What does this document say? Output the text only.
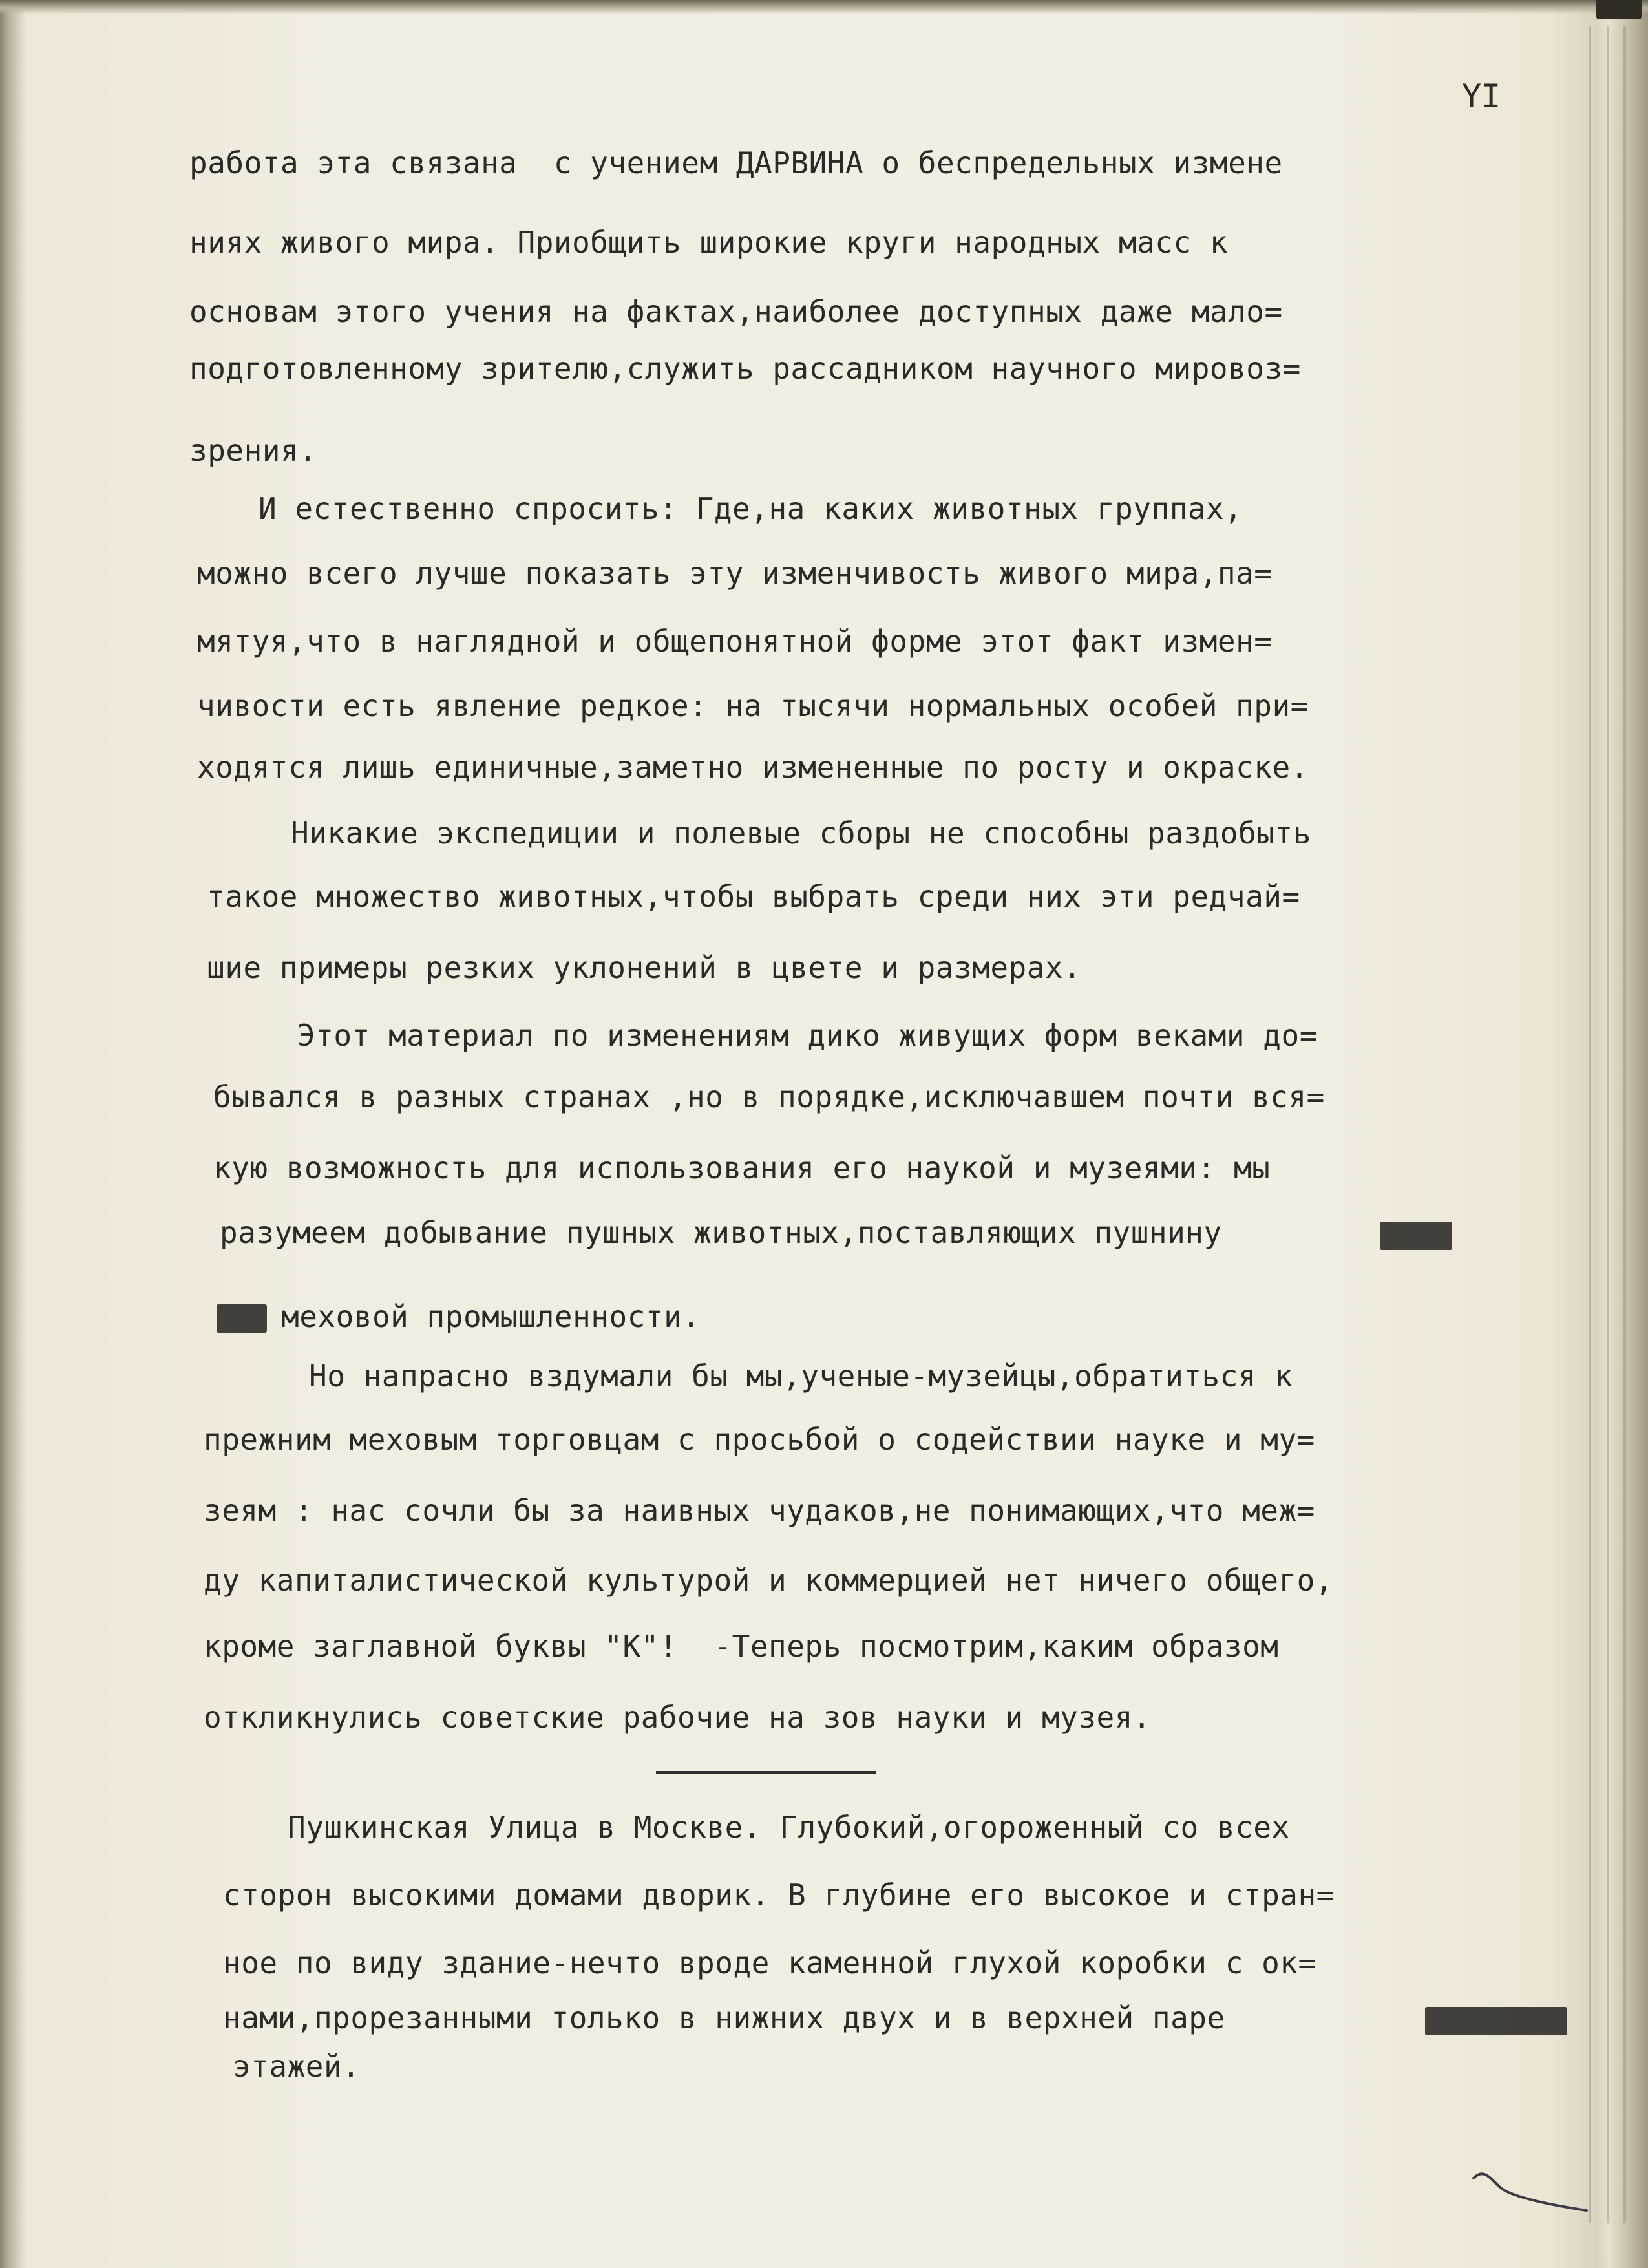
YI
работа эта связана  с учением ДАРВИНА о беспредельных измене
ниях живого мира. Приобщить широкие круги народных масс к
основам этого учения на фактах,наиболее доступных даже мало=
подготовленному зрителю,служить рассадником научного мировоз=
зрения.
И естественно спросить: Где,на каких животных группах,
можно всего лучше показать эту изменчивость живого мира,па=
мятуя,что в наглядной и общепонятной форме этот факт измен=
чивости есть явление редкое: на тысячи нормальных особей при=
ходятся лишь единичные,заметно измененные по росту и окраске.
Никакие экспедиции и полевые сборы не способны раздобыть
такое множество животных,чтобы выбрать среди них эти редчай=
шие примеры резких уклонений в цвете и размерах.
Этот материал по изменениям дико живущих форм веками до=
бывался в разных странах ,но в порядке,исключавшем почти вся=
кую возможность для использования его наукой и музеями: мы
разумеем добывание пушных животных,поставляющих пушнину
меховой промышленности.
Но напрасно вздумали бы мы,ученые-музейцы,обратиться к
прежним меховым торговцам с просьбой о содействии науке и му=
зеям : нас сочли бы за наивных чудаков,не понимающих,что меж=
ду капиталистической культурой и коммерцией нет ничего общего,
кроме заглавной буквы "К"!  -Теперь посмотрим,каким образом
откликнулись советские рабочие на зов науки и музея.
Пушкинская Улица в Москве. Глубокий,огороженный со всех
сторон высокими домами дворик. В глубине его высокое и стран=
ное по виду здание-нечто вроде каменной глухой коробки с ок=
нами,прорезанными только в нижних двух и в верхней паре
этажей.
